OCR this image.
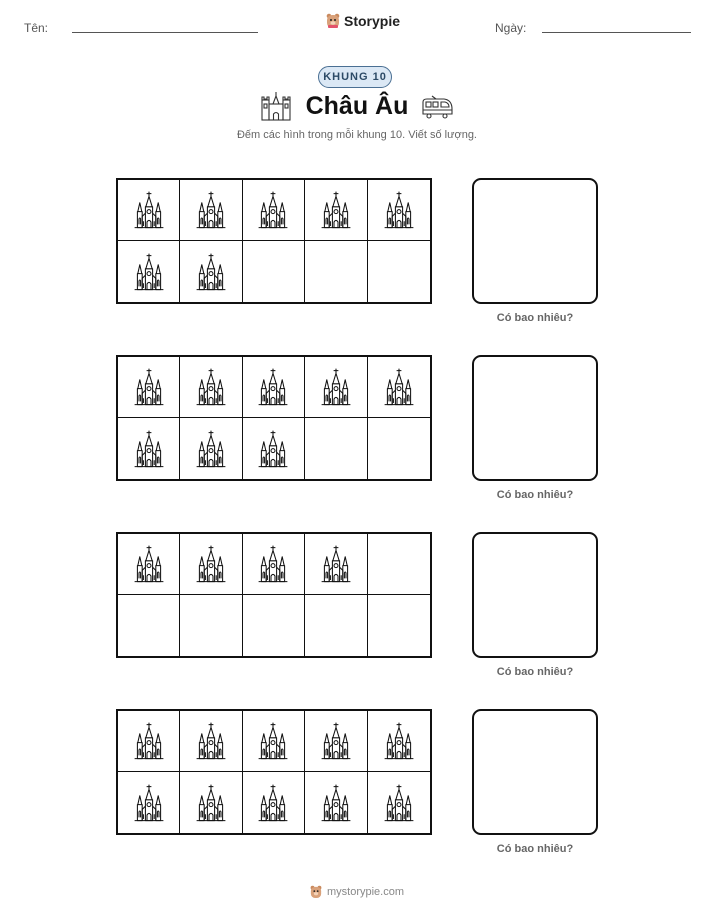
Tên:	Storypie	Ngày:
KHUNG 10
Châu Âu
Đếm các hình trong mỗi khung 10. Viết số lượng.
Có bao nhiêu?
Có bao nhiêu?
Có bao nhiêu?
Có bao nhiêu?
mystorypie.com
